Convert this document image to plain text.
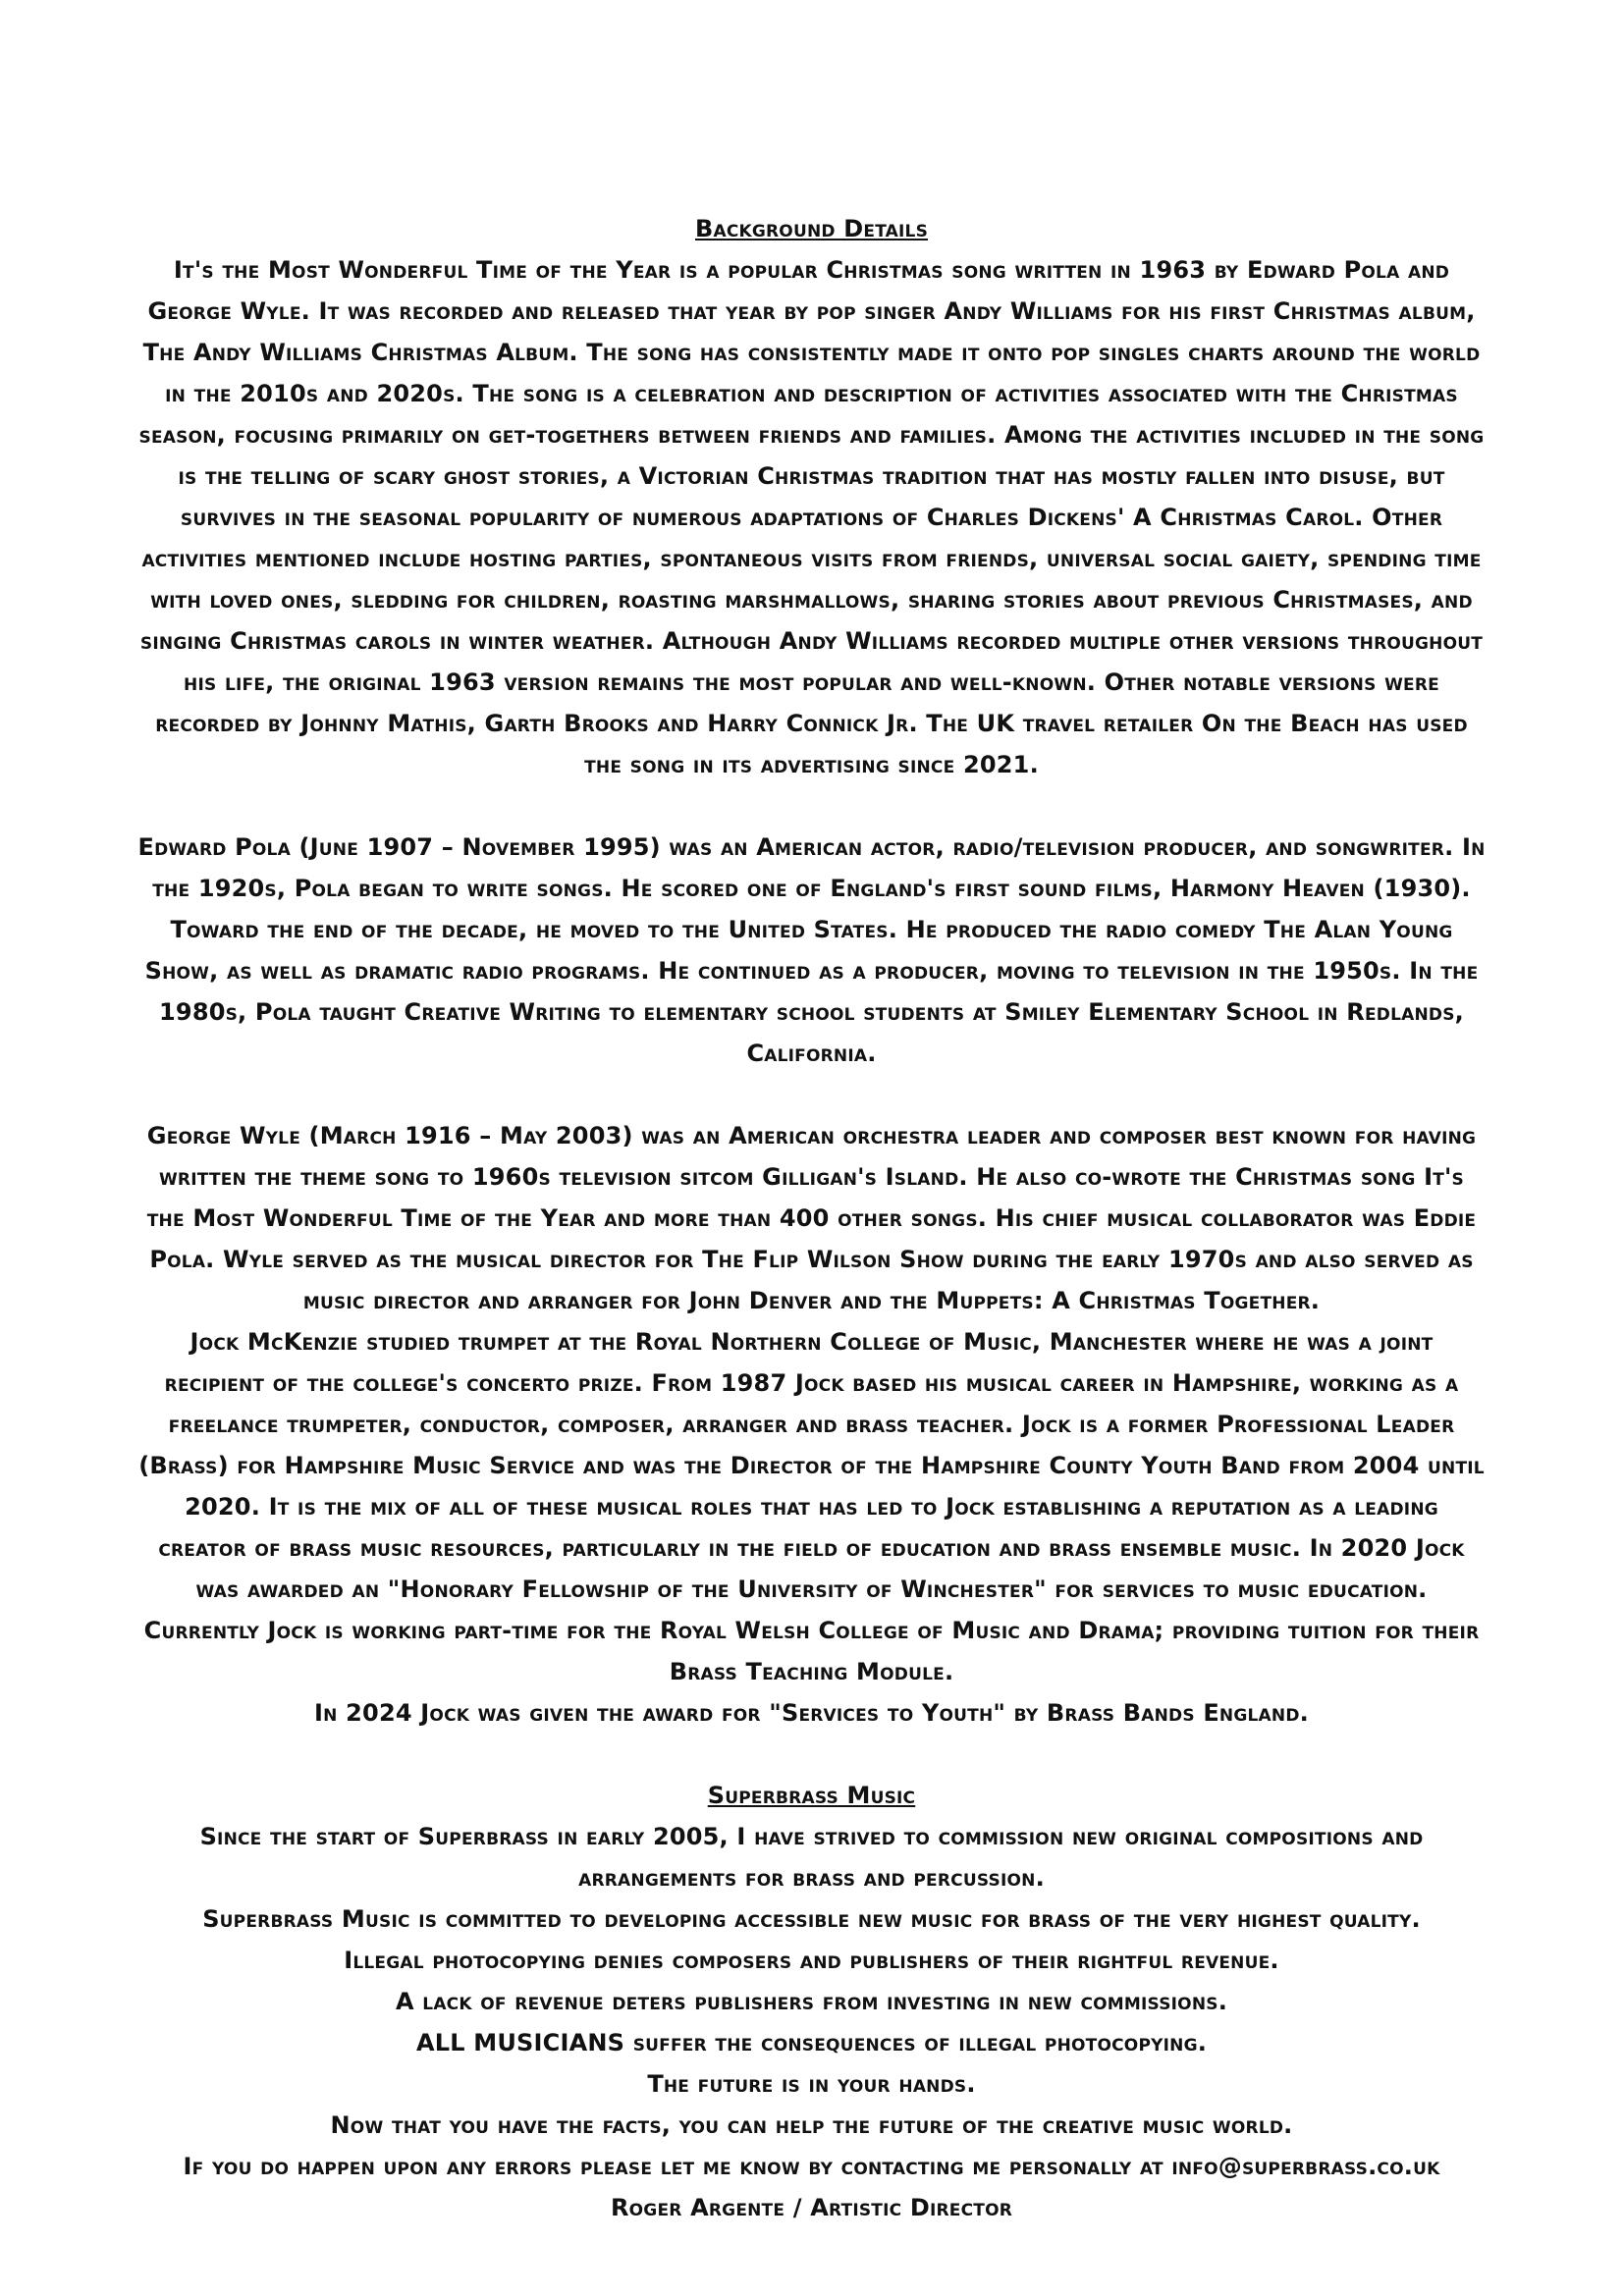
Background Details

It's the Most Wonderful Time of the Year is a popular Christmas song written in 1963 by Edward Pola and George Wyle. It was recorded and released that year by pop singer Andy Williams for his first Christmas album, The Andy Williams Christmas Album. The song has consistently made it onto pop singles charts around the world in the 2010s and 2020s. The song is a celebration and description of activities associated with the Christmas season, focusing primarily on get-togethers between friends and families. Among the activities included in the song is the telling of scary ghost stories, a Victorian Christmas tradition that has mostly fallen into disuse, but survives in the seasonal popularity of numerous adaptations of Charles Dickens' A Christmas Carol. Other activities mentioned include hosting parties, spontaneous visits from friends, universal social gaiety, spending time with loved ones, sledding for children, roasting marshmallows, sharing stories about previous Christmases, and singing Christmas carols in winter weather. Although Andy Williams recorded multiple other versions throughout his life, the original 1963 version remains the most popular and well-known. Other notable versions were recorded by Johnny Mathis, Garth Brooks and Harry Connick Jr. The UK travel retailer On the Beach has used the song in its advertising since 2021.

Edward Pola (June 1907 – November 1995) was an American actor, radio/television producer, and songwriter. In the 1920s, Pola began to write songs. He scored one of England's first sound films, Harmony Heaven (1930). Toward the end of the decade, he moved to the United States. He produced the radio comedy The Alan Young Show, as well as dramatic radio programs. He continued as a producer, moving to television in the 1950s. In the 1980s, Pola taught Creative Writing to elementary school students at Smiley Elementary School in Redlands, California.

George Wyle (March 1916 – May 2003) was an American orchestra leader and composer best known for having written the theme song to 1960s television sitcom Gilligan's Island. He also co-wrote the Christmas song It's the Most Wonderful Time of the Year and more than 400 other songs. His chief musical collaborator was Eddie Pola. Wyle served as the musical director for The Flip Wilson Show during the early 1970s and also served as music director and arranger for John Denver and the Muppets: A Christmas Together.

Jock McKenzie studied trumpet at the Royal Northern College of Music, Manchester where he was a joint recipient of the college's concerto prize. From 1987 Jock based his musical career in Hampshire, working as a freelance trumpeter, conductor, composer, arranger and brass teacher. Jock is a former Professional Leader (Brass) for Hampshire Music Service and was the Director of the Hampshire County Youth Band from 2004 until 2020. It is the mix of all of these musical roles that has led to Jock establishing a reputation as a leading creator of brass music resources, particularly in the field of education and brass ensemble music. In 2020 Jock was awarded an "Honorary Fellowship of the University of Winchester" for services to music education. Currently Jock is working part-time for the Royal Welsh College of Music and Drama; providing tuition for their Brass Teaching Module.

In 2024 Jock was given the award for "Services to Youth" by Brass Bands England.

Superbrass Music

Since the start of Superbrass in early 2005, I have strived to commission new original compositions and arrangements for brass and percussion.

Superbrass Music is committed to developing accessible new music for brass of the very highest quality.

Illegal photocopying denies composers and publishers of their rightful revenue.

A lack of revenue deters publishers from investing in new commissions.

ALL MUSICIANS suffer the consequences of illegal photocopying.

The future is in your hands.

Now that you have the facts, you can help the future of the creative music world.

If you do happen upon any errors please let me know by contacting me personally at info@superbrass.co.uk

Roger Argente / Artistic Director
